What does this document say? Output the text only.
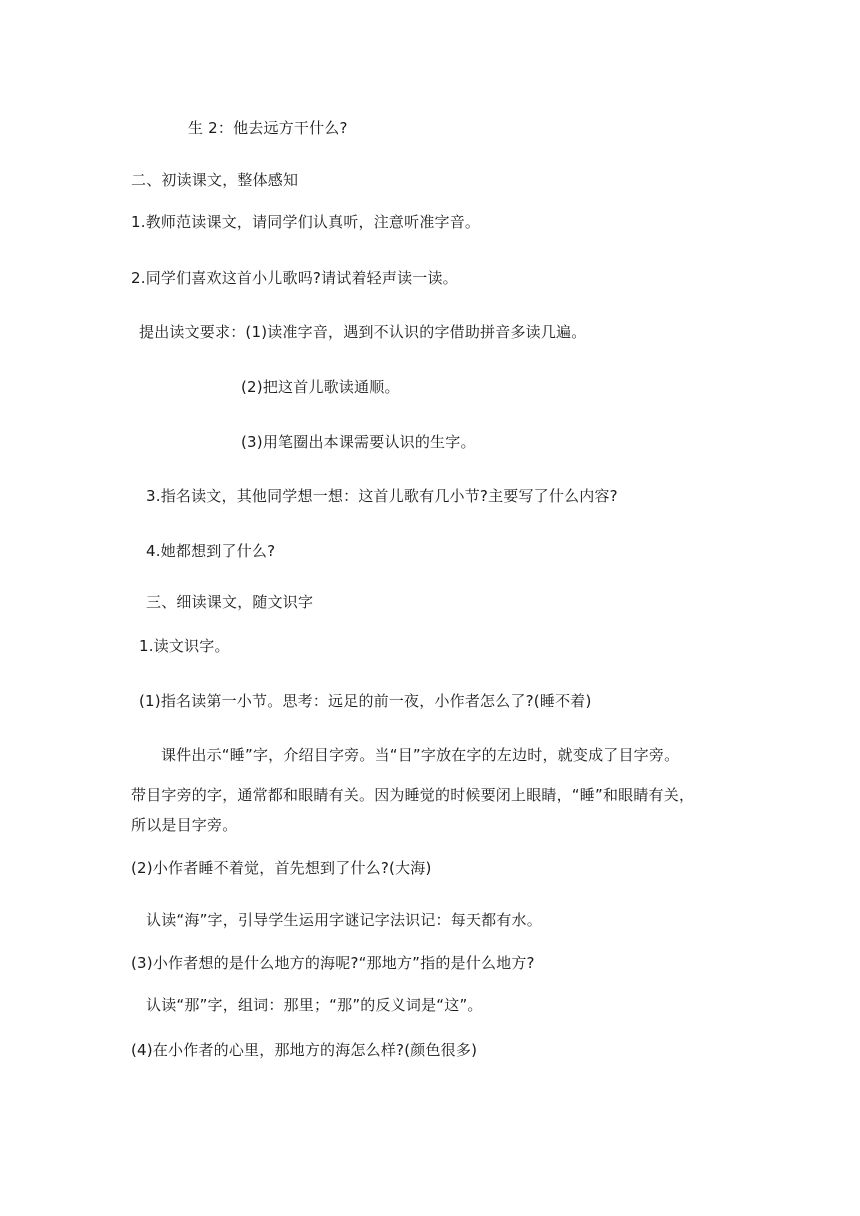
生 2：他去远方干什么?
二、初读课文，整体感知
1.教师范读课文，请同学们认真听，注意听准字音。
2.同学们喜欢这首小儿歌吗?请试着轻声读一读。
提出读文要求：(1)读准字音，遇到不认识的字借助拼音多读几遍。
(2)把这首儿歌读通顺。
(3)用笔圈出本课需要认识的生字。
3.指名读文，其他同学想一想：这首儿歌有几小节?主要写了什么内容?
4.她都想到了什么?
三、细读课文，随文识字
1.读文识字。
(1)指名读第一小节。思考：远足的前一夜，小作者怎么了?(睡不着)
课件出示“睡”字，介绍目字旁。当“目”字放在字的左边时，就变成了目字旁。
带目字旁的字，通常都和眼睛有关。因为睡觉的时候要闭上眼睛，“睡”和眼睛有关，
所以是目字旁。
(2)小作者睡不着觉，首先想到了什么?(大海)
认读“海”字，引导学生运用字谜记字法识记：每天都有水。
(3)小作者想的是什么地方的海呢?“那地方”指的是什么地方?
认读“那”字，组词：那里；“那”的反义词是“这”。
(4)在小作者的心里，那地方的海怎么样?(颜色很多)
